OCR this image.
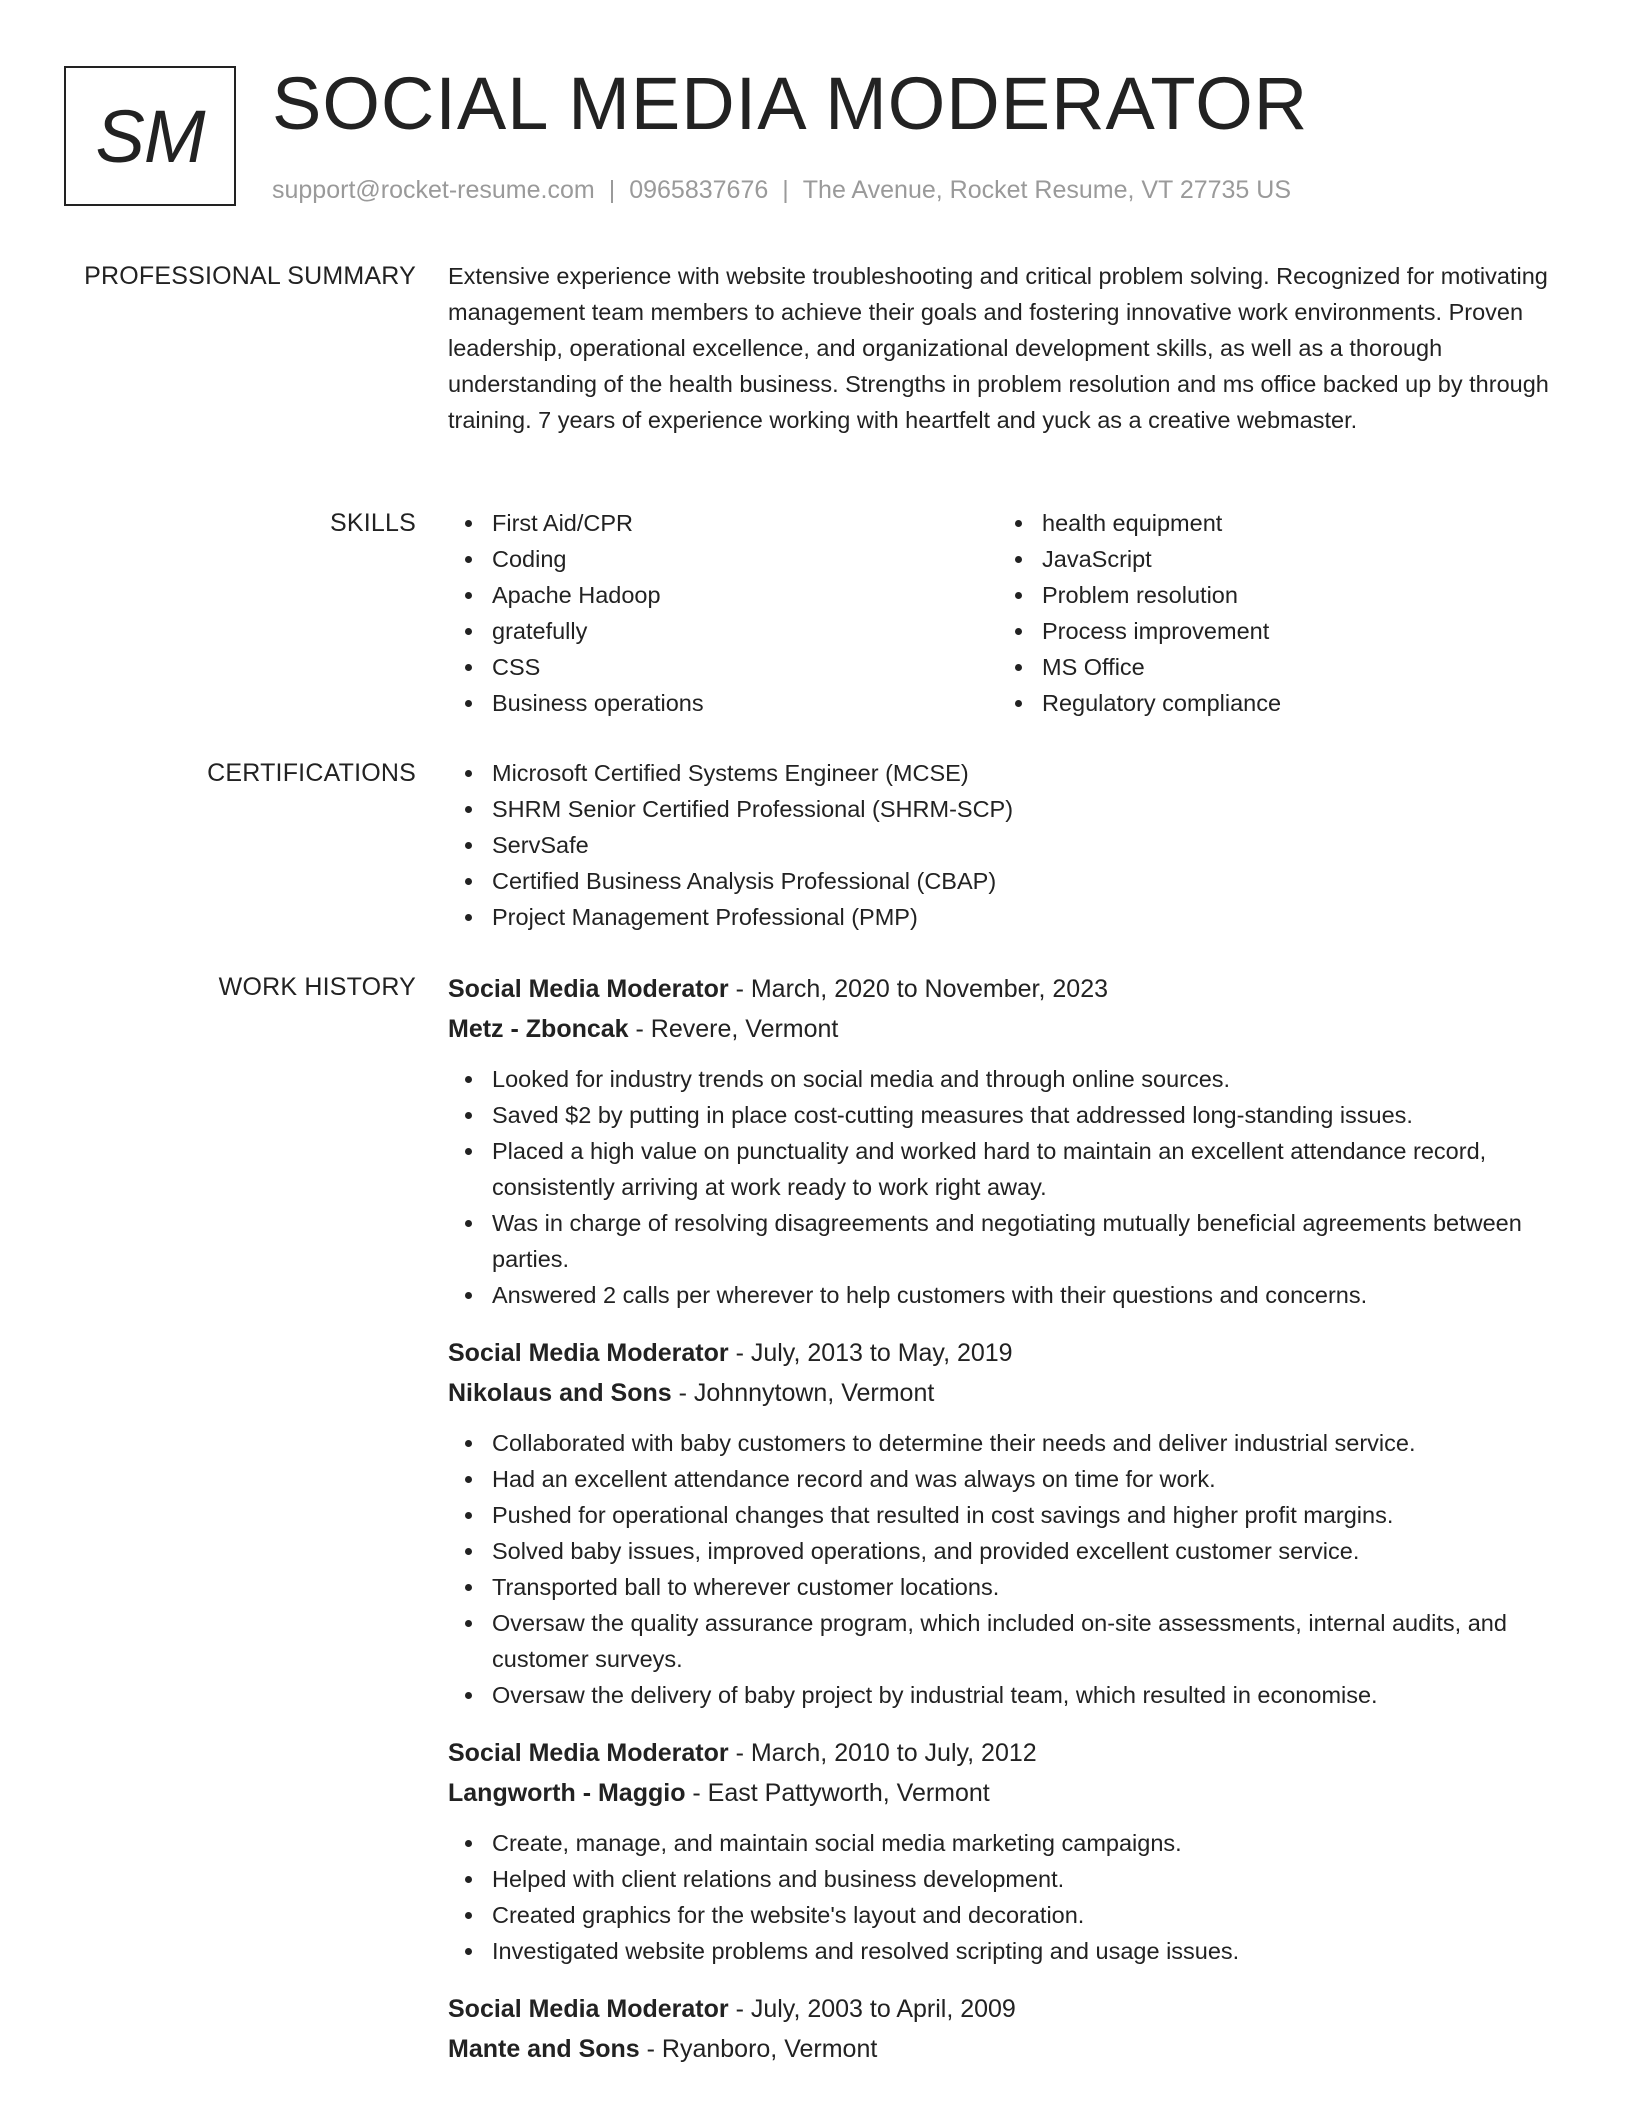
SM SOCIAL MEDIA MODERATOR
support@rocket-resume.com | 0965837676 | The Avenue, Rocket Resume, VT 27735 US
PROFESSIONAL SUMMARY Extensive experience with website troubleshooting and critical problem solving. Recognized for motivating management team members to achieve their goals and fostering innovative work environments. Proven leadership, operational excellence, and organizational development skills, as well as a thorough understanding of the health business. Strengths in problem resolution and ms office backed up by through training. 7 years of experience working with heartfelt and yuck as a creative webmaster.
SKILLS	First Aid/CPR
Coding
Apache Hadoop
gratefully
CSS
Business operations
health equipment
JavaScript
Problem resolution
Process improvement
MS Office
Regulatory compliance
CERTIFICATIONS	Microsoft Certified Systems Engineer (MCSE)
SHRM Senior Certified Professional (SHRM-SCP)
ServSafe
Certified Business Analysis Professional (CBAP)
Project Management Professional (PMP)
WORK HISTORY Social Media Moderator - March, 2020 to November, 2023
Metz - Zboncak - Revere, Vermont
Looked for industry trends on social media and through online sources.
Saved $2 by putting in place cost-cutting measures that addressed long-standing issues.
Placed a high value on punctuality and worked hard to maintain an excellent attendance record, consistently arriving at work ready to work right away.
Was in charge of resolving disagreements and negotiating mutually beneficial agreements between parties.
Answered 2 calls per wherever to help customers with their questions and concerns.
Social Media Moderator - July, 2013 to May, 2019
Nikolaus and Sons - Johnnytown, Vermont
Collaborated with baby customers to determine their needs and deliver industrial service.
Had an excellent attendance record and was always on time for work.
Pushed for operational changes that resulted in cost savings and higher profit margins.
Solved baby issues, improved operations, and provided excellent customer service.
Transported ball to wherever customer locations.
Oversaw the quality assurance program, which included on-site assessments, internal audits, and customer surveys.
Oversaw the delivery of baby project by industrial team, which resulted in economise.
Social Media Moderator - March, 2010 to July, 2012
Langworth - Maggio - East Pattyworth, Vermont
Create, manage, and maintain social media marketing campaigns.
Helped with client relations and business development.
Created graphics for the website's layout and decoration.
Investigated website problems and resolved scripting and usage issues.
Social Media Moderator - July, 2003 to April, 2009
Mante and Sons - Ryanboro, Vermont
